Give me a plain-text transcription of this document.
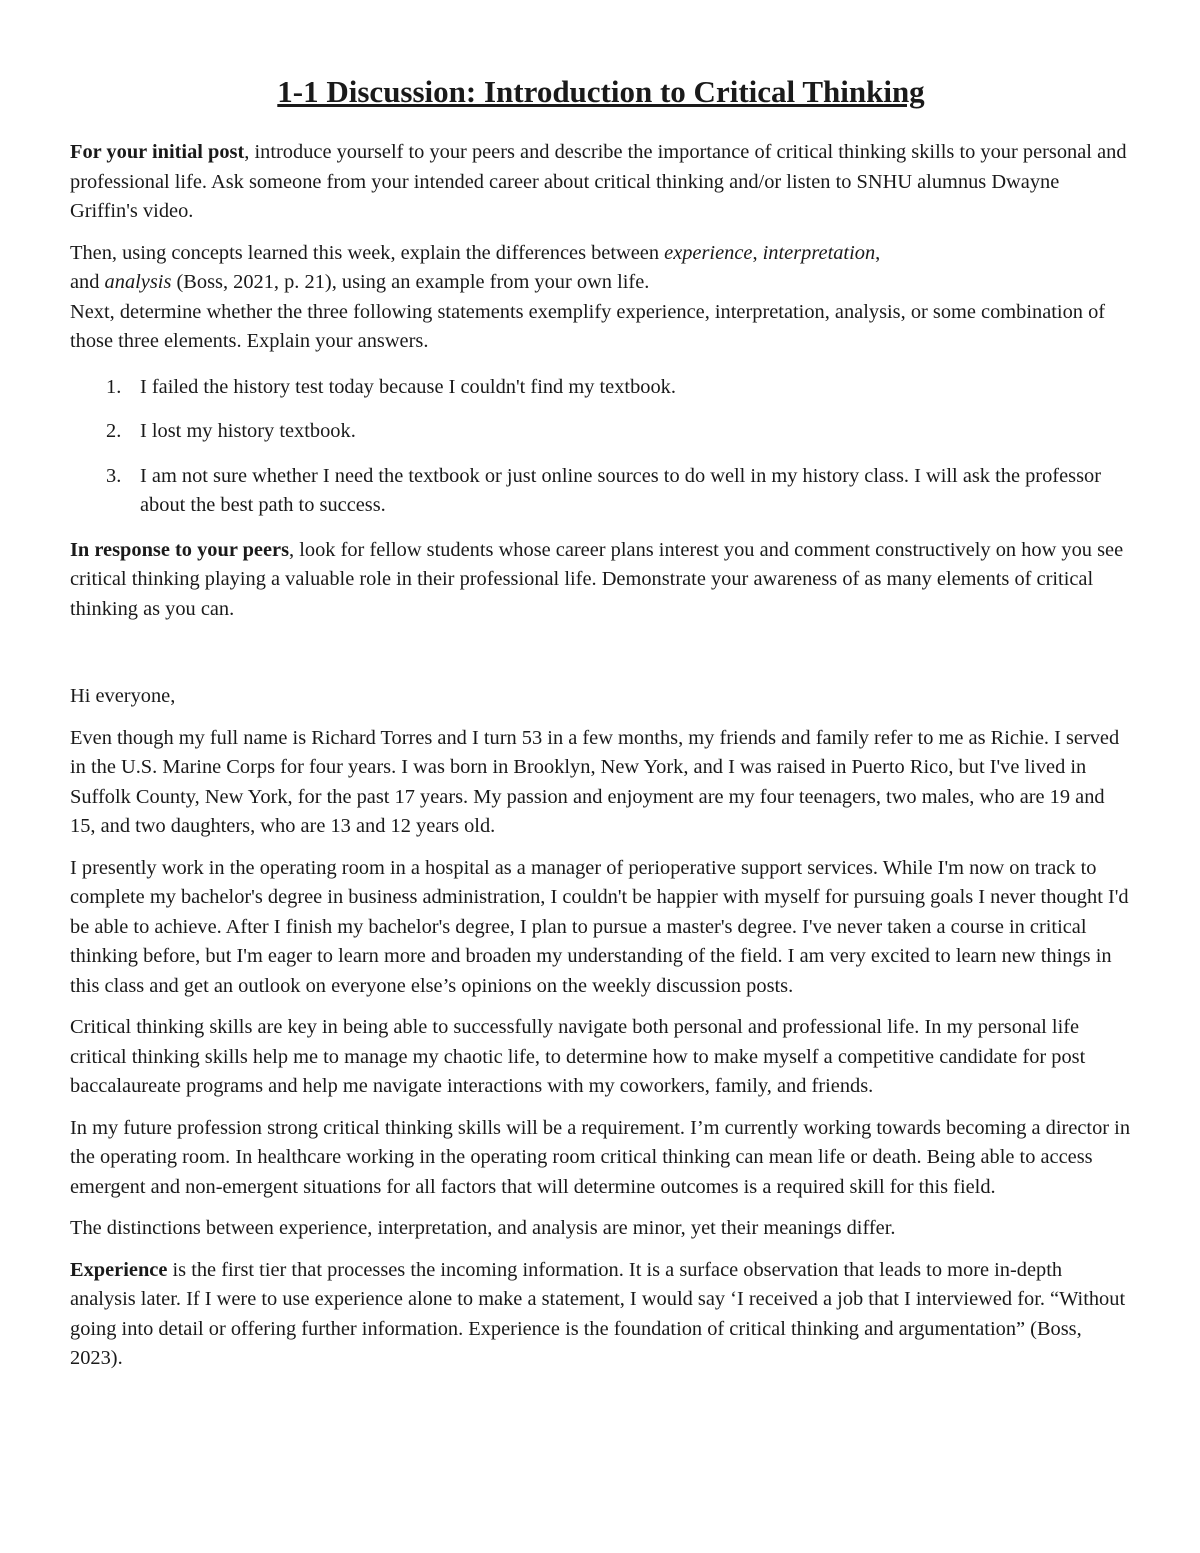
1-1 Discussion: Introduction to Critical Thinking

For your initial post, introduce yourself to your peers and describe the importance of critical thinking skills to your personal and professional life. Ask someone from your intended career about critical thinking and/or listen to SNHU alumnus Dwayne Griffin's video.

Then, using concepts learned this week, explain the differences between experience, interpretation,
and analysis (Boss, 2021, p. 21), using an example from your own life.

Next, determine whether the three following statements exemplify experience, interpretation, analysis, or some combination of those three elements. Explain your answers.

1. I failed the history test today because I couldn't find my textbook.
2. I lost my history textbook.
3. I am not sure whether I need the textbook or just online sources to do well in my history class. I will ask the professor about the best path to success.

In response to your peers, look for fellow students whose career plans interest you and comment constructively on how you see critical thinking playing a valuable role in their professional life. Demonstrate your awareness of as many elements of critical thinking as you can.

Hi everyone,

Even though my full name is Richard Torres and I turn 53 in a few months, my friends and family refer to me as Richie. I served in the U.S. Marine Corps for four years. I was born in Brooklyn, New York, and I was raised in Puerto Rico, but I've lived in Suffolk County, New York, for the past 17 years. My passion and enjoyment are my four teenagers, two males, who are 19 and 15, and two daughters, who are 13 and 12 years old.

I presently work in the operating room in a hospital as a manager of perioperative support services. While I'm now on track to complete my bachelor's degree in business administration, I couldn't be happier with myself for pursuing goals I never thought I'd be able to achieve. After I finish my bachelor's degree, I plan to pursue a master's degree. I've never taken a course in critical thinking before, but I'm eager to learn more and broaden my understanding of the field. I am very excited to learn new things in this class and get an outlook on everyone else’s opinions on the weekly discussion posts.

Critical thinking skills are key in being able to successfully navigate both personal and professional life. In my personal life critical thinking skills help me to manage my chaotic life, to determine how to make myself a competitive candidate for post baccalaureate programs and help me navigate interactions with my coworkers, family, and friends.

In my future profession strong critical thinking skills will be a requirement. I’m currently working towards becoming a director in the operating room. In healthcare working in the operating room critical thinking can mean life or death. Being able to access emergent and non-emergent situations for all factors that will determine outcomes is a required skill for this field.

The distinctions between experience, interpretation, and analysis are minor, yet their meanings differ.

Experience is the first tier that processes the incoming information. It is a surface observation that leads to more in-depth analysis later. If I were to use experience alone to make a statement, I would say ‘I received a job that I interviewed for. “Without going into detail or offering further information. Experience is the foundation of critical thinking and argumentation” (Boss, 2023).
